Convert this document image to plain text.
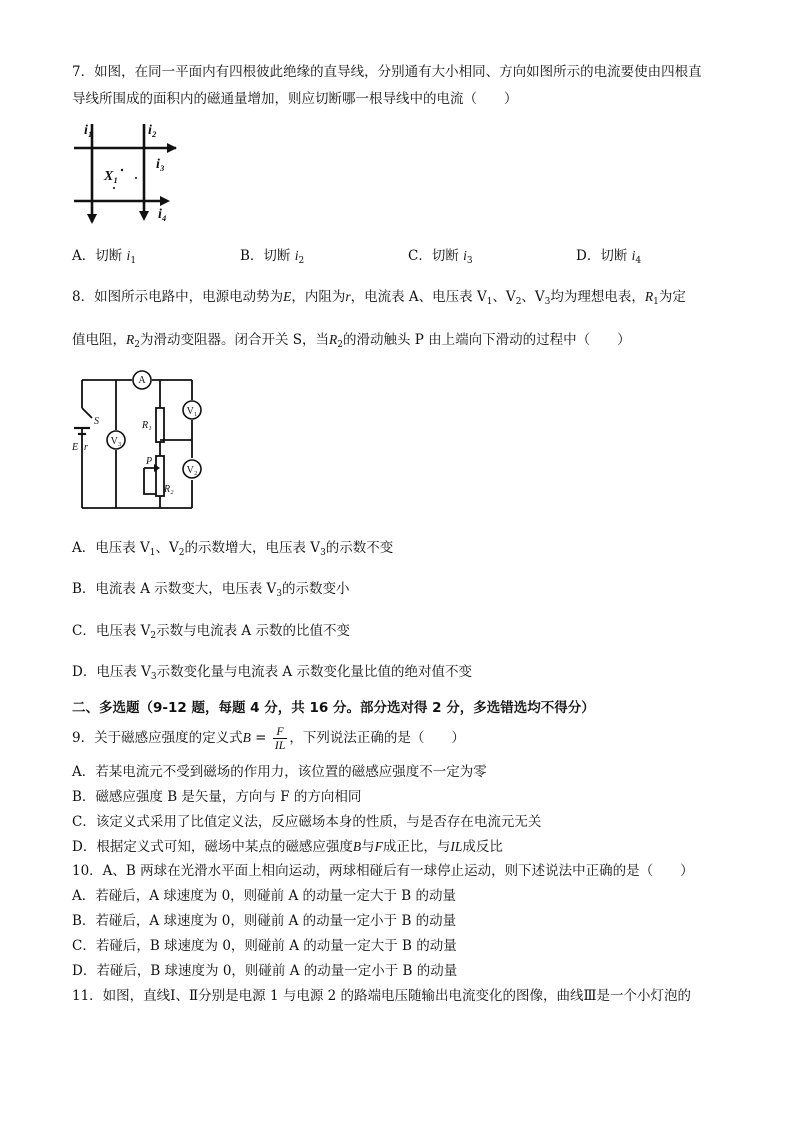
7．如图，在同一平面内有四根彼此绝缘的直导线，分别通有大小相同、方向如图所示的电流要使由四根直
导线所围成的面积内的磁通量增加，则应切断哪一根导线中的电流（　　）
i₁	i₂
i₃
i₄
X₁
A．切断 $i_1$	B．切断 $i_2$	C．切断 $i_3$	D．切断 $i_4$
8．如图所示电路中，电源电动势为E，内阻为r，电流表 A、电压表 $V_1$、$V_2$、$V_3$均为理想电表，$R_1$为定
值电阻，$R_2$为滑动变阻器。闭合开关 S，当$R_2$的滑动触头 P 由上端向下滑动的过程中（　　）
A
V₃
V₁
V₂
S
E r
R₁
R₂
P
A．电压表 $V_1$、$V_2$的示数增大，电压表 $V_3$的示数不变
B．电流表 A 示数变大，电压表 $V_3$的示数变小
C．电压表 $V_2$示数与电流表 A 示数的比值不变
D．电压表 $V_3$示数变化量与电流表 A 示数变化量比值的绝对值不变
二、多选题（9-12 题，每题 4 分，共 16 分。部分选对得 2 分，多选错选均不得分）
9．关于磁感应强度的定义式$B = \frac{F}{IL}$ ，下列说法正确的是（　　）
A．若某电流元不受到磁场的作用力，该位置的磁感应强度不一定为零
B．磁感应强度 B 是矢量，方向与 F 的方向相同
C．该定义式采用了比值定义法，反应磁场本身的性质，与是否存在电流元无关
D．根据定义式可知，磁场中某点的磁感应强度B与F成正比，与IL成反比
10．A、B 两球在光滑水平面上相向运动，两球相碰后有一球停止运动，则下述说法中正确的是（　　）
A．若碰后，A 球速度为 0，则碰前 A 的动量一定大于 B 的动量
B．若碰后，A 球速度为 0，则碰前 A 的动量一定小于 B 的动量
C．若碰后，B 球速度为 0，则碰前 A 的动量一定大于 B 的动量
D．若碰后，B 球速度为 0，则碰前 A 的动量一定小于 B 的动量
11．如图，直线Ⅰ、Ⅱ分别是电源 1 与电源 2 的路端电压随输出电流变化的图像，曲线Ⅲ是一个小灯泡的
